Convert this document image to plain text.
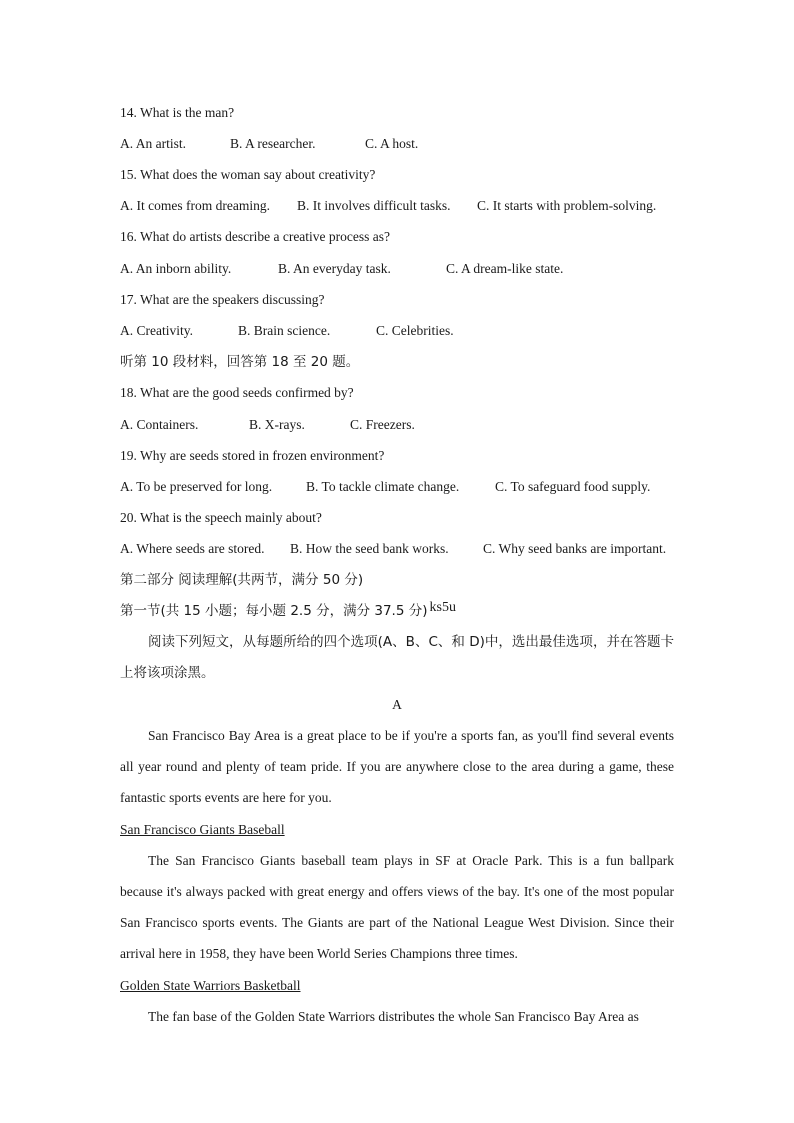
14. What is the man?
A. An artist.	B. A researcher.	C. A host.
15. What does the woman say about creativity?
A. It comes from dreaming. B. It involves difficult tasks. C. It starts with problem-solving.
16. What do artists describe a creative process as?
A. An inborn ability.	B. An everyday task.	C. A dream-like state.
17. What are the speakers discussing?
A. Creativity.	B. Brain science.	C. Celebrities.
听第 10 段材料，回答第 18 至 20 题。
18. What are the good seeds confirmed by?
A. Containers.	B. X-rays.	C. Freezers.
19. Why are seeds stored in frozen environment?
A. To be preserved for long.	B. To tackle climate change.	C. To safeguard food supply.
20. What is the speech mainly about?
A. Where seeds are stored. B. How the seed bank works.	C. Why seed banks are important.
第二部分 阅读理解(共两节，满分 50 分)
第一节(共 15 小题；每小题 2.5 分，满分 37.5 分) ks5u

阅读下列短文，从每题所给的四个选项(A、B、C、和 D)中，选出最佳选项，并在答题卡上将该项涂黑。

A

San Francisco Bay Area is a great place to be if you're a sports fan, as you'll find several events all year round and plenty of team pride. If you are anywhere close to the area during a game, these fantastic sports events are here for you.

San Francisco Giants Baseball

The San Francisco Giants baseball team plays in SF at Oracle Park. This is a fun ballpark because it's always packed with great energy and offers views of the bay. It's one of the most popular San Francisco sports events. The Giants are part of the National League West Division. Since their arrival here in 1958, they have been World Series Champions three times.

Golden State Warriors Basketball

The fan base of the Golden State Warriors distributes the whole San Francisco Bay Area as
